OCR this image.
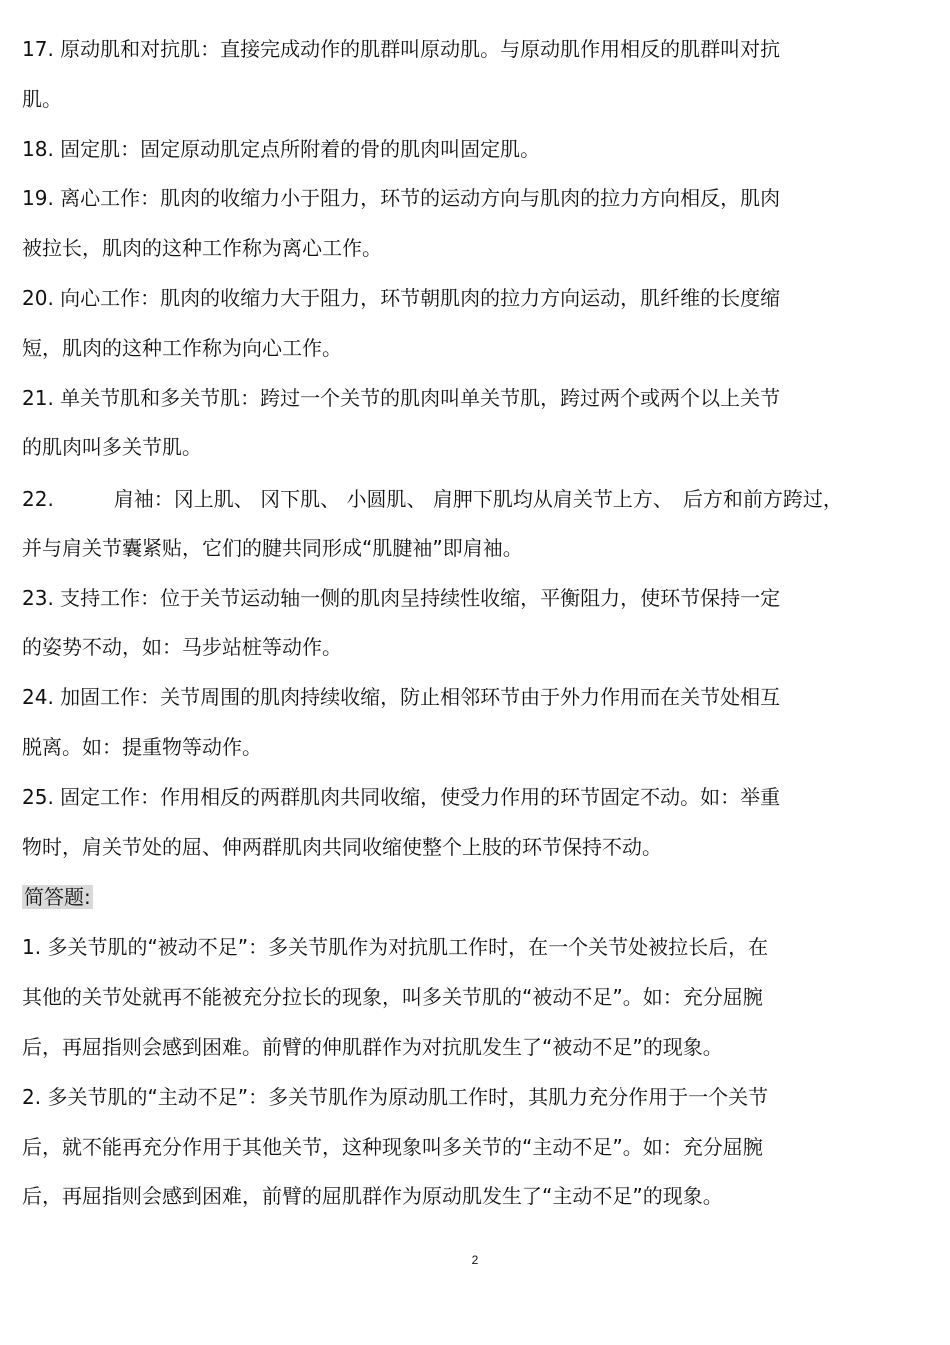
17. 原动肌和对抗肌：直接完成动作的肌群叫原动肌。与原动肌作用相反的肌群叫对抗
肌。
18. 固定肌：固定原动肌定点所附着的骨的肌肉叫固定肌。
19. 离心工作：肌肉的收缩力小于阻力，环节的运动方向与肌肉的拉力方向相反，肌肉
被拉长，肌肉的这种工作称为离心工作。
20. 向心工作：肌肉的收缩力大于阻力，环节朝肌肉的拉力方向运动，肌纤维的长度缩
短，肌肉的这种工作称为向心工作。
21. 单关节肌和多关节肌：跨过一个关节的肌肉叫单关节肌，跨过两个或两个以上关节
的肌肉叫多关节肌。
22.　　　肩袖：冈上肌、 冈下肌、 小圆肌、 肩胛下肌均从肩关节上方、　后方和前方跨过，
并与肩关节囊紧贴，它们的腱共同形成“肌腱袖”即肩袖。
23. 支持工作：位于关节运动轴一侧的肌肉呈持续性收缩，平衡阻力，使环节保持一定
的姿势不动，如：马步站桩等动作。
24. 加固工作：关节周围的肌肉持续收缩，防止相邻环节由于外力作用而在关节处相互
脱离。如：提重物等动作。
25. 固定工作：作用相反的两群肌肉共同收缩，使受力作用的环节固定不动。如：举重
物时，肩关节处的屈、伸两群肌肉共同收缩使整个上肢的环节保持不动。
简答题:
1. 多关节肌的“被动不足”：多关节肌作为对抗肌工作时，在一个关节处被拉长后，在
其他的关节处就再不能被充分拉长的现象，叫多关节肌的“被动不足”。如：充分屈腕
后，再屈指则会感到困难。前臂的伸肌群作为对抗肌发生了“被动不足”的现象。
2. 多关节肌的“主动不足”：多关节肌作为原动肌工作时，其肌力充分作用于一个关节
后，就不能再充分作用于其他关节，这种现象叫多关节的“主动不足”。如：充分屈腕
后，再屈指则会感到困难，前臂的屈肌群作为原动肌发生了“主动不足”的现象。
2
